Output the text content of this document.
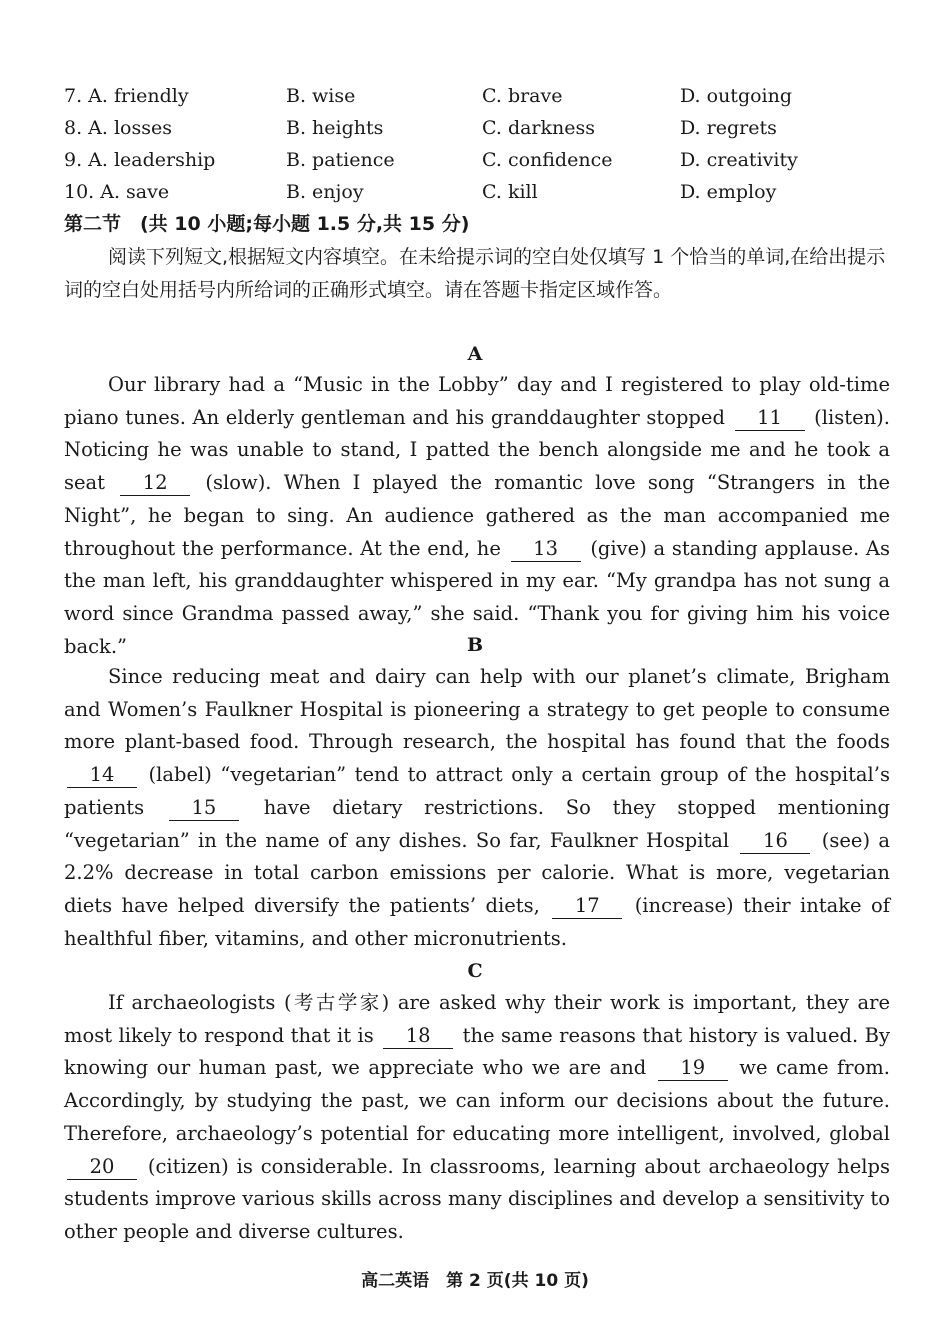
7. A. friendly	B. wise	C. brave	D. outgoing
8. A. losses	B. heights	C. darkness	D. regrets
9. A. leadership	B. patience	C. confidence	D. creativity
10. A. save	B. enjoy	C. kill	D. employ
第二节　(共 10 小题;每小题 1.5 分,共 15 分)
阅读下列短文,根据短文内容填空。在未给提示词的空白处仅填写 1 个恰当的单词,在给出提示词的空白处用括号内所给词的正确形式填空。请在答题卡指定区域作答。
A
Our library had a “Music in the Lobby” day and I registered to play old-time piano tunes. An elderly gentleman and his granddaughter stopped 11 (listen). Noticing he was unable to stand, I patted the bench alongside me and he took a seat 12 (slow). When I played the romantic love song “Strangers in the Night”, he began to sing. An audience gathered as the man accompanied me throughout the performance. At the end, he 13 (give) a standing applause. As the man left, his granddaughter whispered in my ear. “My grandpa has not sung a word since Grandma passed away,” she said. “Thank you for giving him his voice back.”	B
Since reducing meat and dairy can help with our planet’s climate, Brigham and Women’s Faulkner Hospital is pioneering a strategy to get people to consume more plant-based food. Through research, the hospital has found that the foods 14 (label) “vegetarian” tend to attract only a certain group of the hospital’s patients 15 have dietary restrictions. So they stopped mentioning “vegetarian” in the name of any dishes. So far, Faulkner Hospital 16 (see) a 2.2% decrease in total carbon emissions per calorie. What is more, vegetarian diets have helped diversify the patients’ diets, 17 (increase) their intake of healthful fiber, vitamins, and other micronutrients.
C
If archaeologists (考古学家) are asked why their work is important, they are most likely to respond that it is 18 the same reasons that history is valued. By knowing our human past, we appreciate who we are and 19 we came from. Accordingly, by studying the past, we can inform our decisions about the future. Therefore, archaeology’s potential for educating more intelligent, involved, global 20 (citizen) is considerable. In classrooms, learning about archaeology helps students improve various skills across many disciplines and develop a sensitivity to other people and diverse cultures.
高二英语　第 2 页(共 10 页)
